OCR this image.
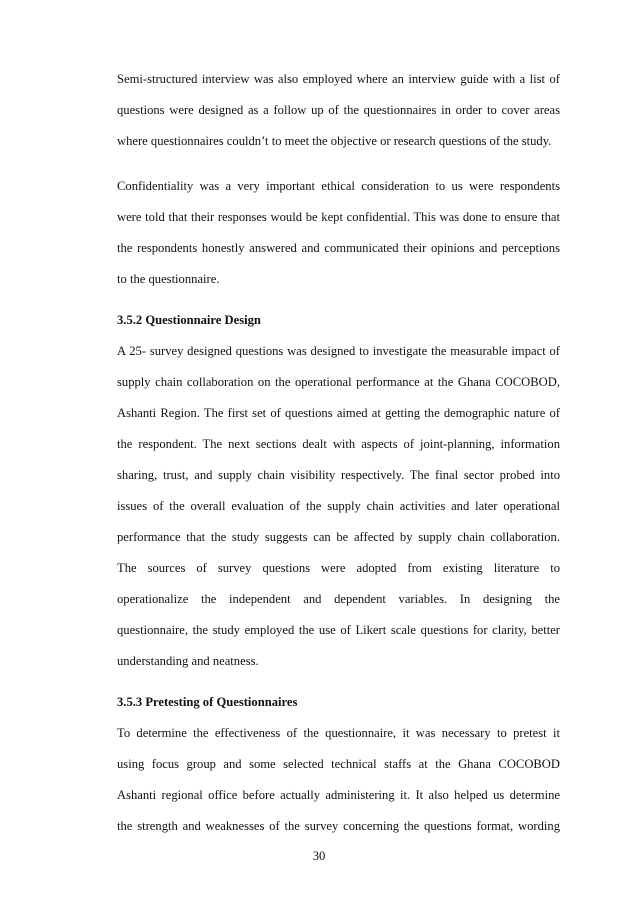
Semi-structured interview was also employed where an interview guide with a list of
questions were designed as a follow up of the questionnaires in order to cover areas
where questionnaires couldn’t to meet the objective or research questions of the study.
Confidentiality was a very important ethical consideration to us were respondents
were told that their responses would be kept confidential. This was done to ensure that
the respondents honestly answered and communicated their opinions and perceptions
to the questionnaire.
3.5.2 Questionnaire Design
A 25- survey designed questions was designed to investigate the measurable impact of
supply chain collaboration on the operational performance at the Ghana COCOBOD,
Ashanti Region. The first set of questions aimed at getting the demographic nature of
the respondent. The next sections dealt with aspects of joint-planning, information
sharing, trust, and supply chain visibility respectively. The final sector probed into
issues of the overall evaluation of the supply chain activities and later operational
performance that the study suggests can be affected by supply chain collaboration.
The sources of survey questions were adopted from existing literature to
operationalize the independent and dependent variables. In designing the
questionnaire, the study employed the use of Likert scale questions for clarity, better
understanding and neatness.
3.5.3 Pretesting of Questionnaires
To determine the effectiveness of the questionnaire, it was necessary to pretest it
using focus group and some selected technical staffs at the Ghana COCOBOD
Ashanti regional office before actually administering it. It also helped us determine
the strength and weaknesses of the survey concerning the questions format, wording
30
